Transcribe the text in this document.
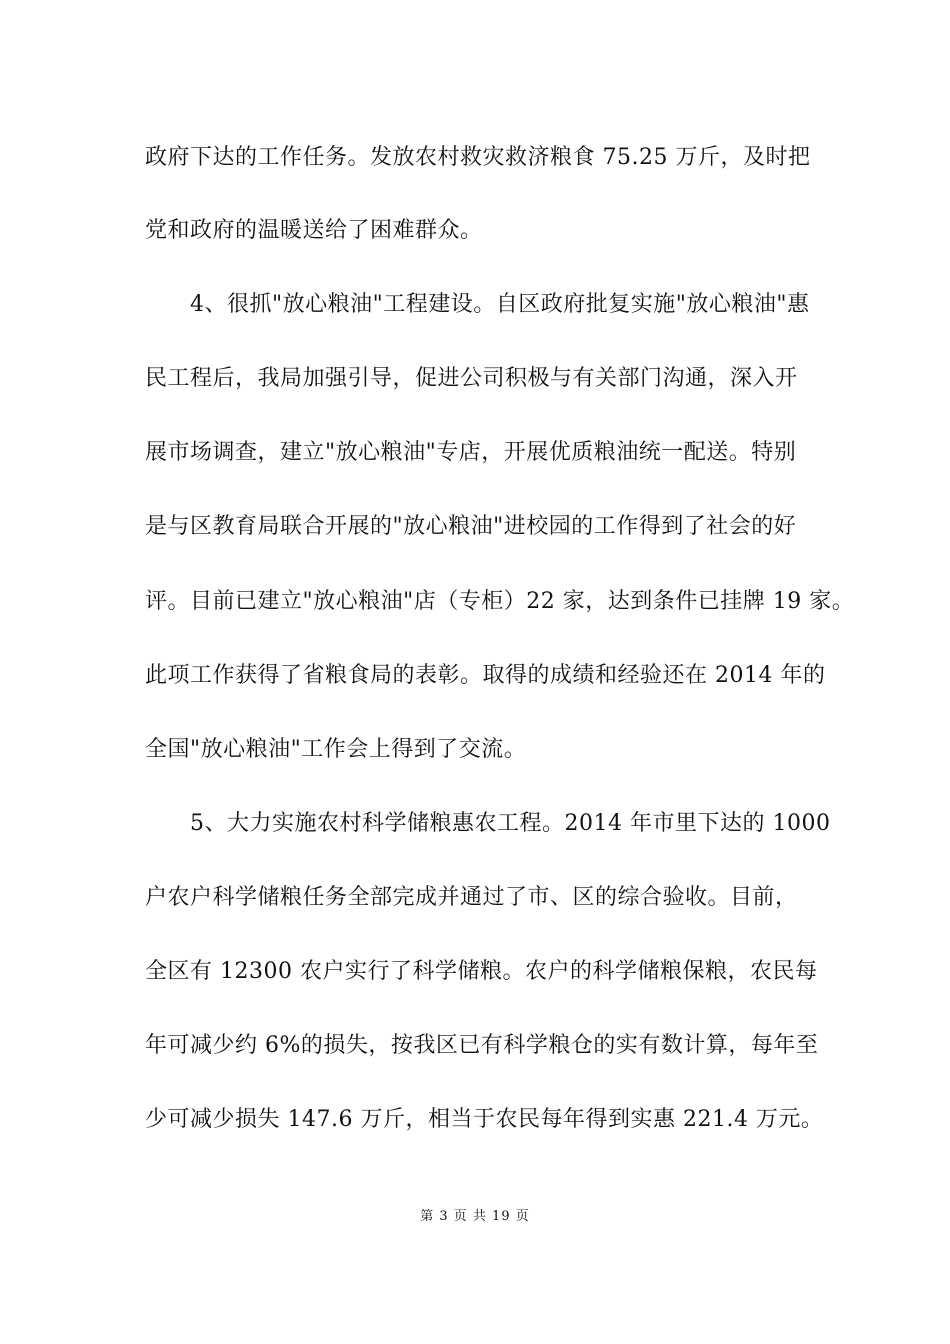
政府下达的工作任务。发放农村救灾救济粮食 75.25 万斤，及时把
党和政府的温暖送给了困难群众。
4、很抓"放心粮油"工程建设。自区政府批复实施"放心粮油"惠
民工程后，我局加强引导，促进公司积极与有关部门沟通，深入开
展市场调查，建立"放心粮油"专店，开展优质粮油统一配送。特别
是与区教育局联合开展的"放心粮油"进校园的工作得到了社会的好
评。目前已建立"放心粮油"店（专柜）22 家，达到条件已挂牌 19 家。
此项工作获得了省粮食局的表彰。取得的成绩和经验还在 2014 年的
全国"放心粮油"工作会上得到了交流。
5、大力实施农村科学储粮惠农工程。2014 年市里下达的 1000
户农户科学储粮任务全部完成并通过了市、区的综合验收。目前，
全区有 12300 农户实行了科学储粮。农户的科学储粮保粮，农民每
年可减少约 6%的损失，按我区已有科学粮仓的实有数计算，每年至
少可减少损失 147.6 万斤，相当于农民每年得到实惠 221.4 万元。
第 3 页 共 19 页
